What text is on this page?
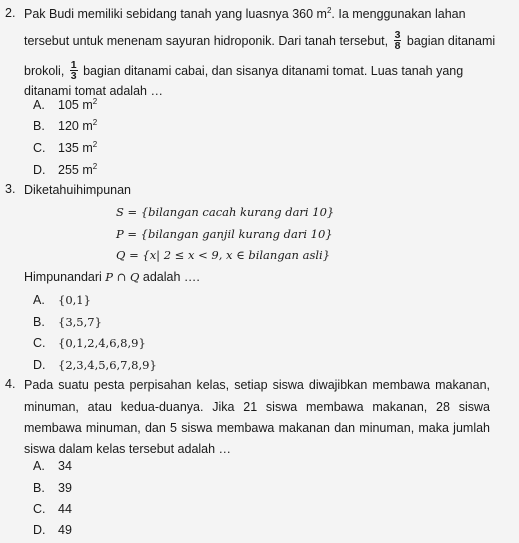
2. Pak Budi memiliki sebidang tanah yang luasnya 360 $m^2$. Ia menggunakan lahan
tersebut untuk menenam sayuran hidroponik. Dari tanah tersebut, $\frac{3}{8}$ bagian ditanami
brokoli, $\frac{1}{3}$ bagian ditanami cabai, dan sisanya ditanami tomat. Luas tanah yang
ditanami tomat adalah …
A. 105 $m^2$
B. 120 $m^2$
C. 135 $m^2$
D. 255 $m^2$
3. Diketahuihimpunan
S = {bilangan cacah kurang dari 10}
P = {bilangan ganjil kurang dari 10}
Q = {x| 2 ≤ x < 9, x ∈ bilangan asli}
Himpunandari P ∩ Q adalah ….
A. {0,1}
B. {3,5,7}
C. {0,1,2,4,6,8,9}
D. {2,3,4,5,6,7,8,9}
4. Pada suatu pesta perpisahan kelas, setiap siswa diwajibkan membawa makanan,
minuman, atau kedua-duanya. Jika 21 siswa membawa makanan, 28 siswa
membawa minuman, dan 5 siswa membawa makanan dan minuman, maka jumlah
siswa dalam kelas tersebut adalah …
A. 34
B. 39
C. 44
D. 49
